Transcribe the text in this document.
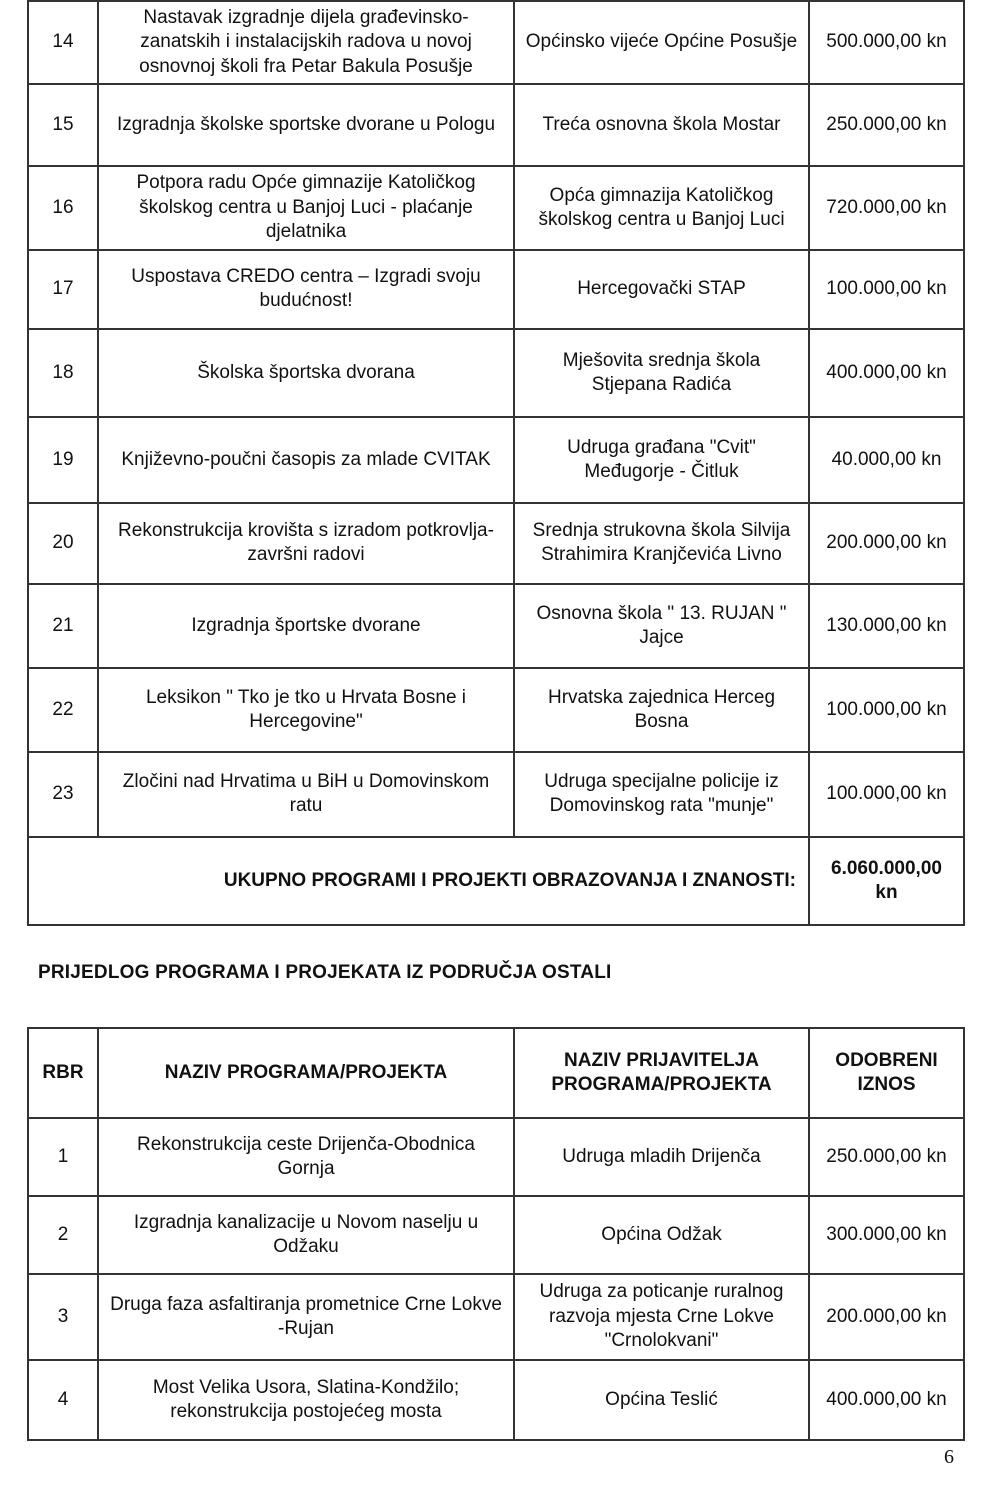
14	Nastavak izgradnje dijela građevinsko-zanatskih i instalacijskih radova u novoj osnovnoj školi fra Petar Bakula Posušje	Općinsko vijeće Općine Posušje	500.000,00 kn
15	Izgradnja školske sportske dvorane u Pologu	Treća osnovna škola Mostar	250.000,00 kn
16	Potpora radu Opće gimnazije Katoličkog školskog centra u Banjoj Luci - plaćanje djelatnika	Opća gimnazija Katoličkog školskog centra u Banjoj Luci	720.000,00 kn
17	Uspostava CREDO centra – Izgradi svoju budućnost!	Hercegovački STAP	100.000,00 kn
18	Školska športska dvorana	Mješovita srednja škola Stjepana Radića	400.000,00 kn
19	Književno-poučni časopis za mlade CVITAK	Udruga građana "Cvit" Međugorje - Čitluk	40.000,00 kn
20	Rekonstrukcija krovišta s izradom potkrovlja-završni radovi	Srednja strukovna škola Silvija Strahimira Kranjčevića Livno	200.000,00 kn
21	Izgradnja športske dvorane	Osnovna škola " 13. RUJAN " Jajce	130.000,00 kn
22	Leksikon " Tko je tko u Hrvata Bosne i Hercegovine"	Hrvatska zajednica Herceg Bosna	100.000,00 kn
23	Zločini nad Hrvatima u BiH u Domovinskom ratu	Udruga specijalne policije iz Domovinskog rata "munje"	100.000,00 kn
UKUPNO PROGRAMI I PROJEKTI OBRAZOVANJA I ZNANOSTI:			6.060.000,00 kn
PRIJEDLOG PROGRAMA I PROJEKATA IZ PODRUČJA OSTALI
RBR	NAZIV PROGRAMA/PROJEKTA	NAZIV PRIJAVITELJA PROGRAMA/PROJEKTA	ODOBRENI IZNOS
1	Rekonstrukcija ceste Drijenča-Obodnica Gornja	Udruga mladih Drijenča	250.000,00 kn
2	Izgradnja kanalizacije u Novom naselju u Odžaku	Općina Odžak	300.000,00 kn
3	Druga faza asfaltiranja prometnice Crne Lokve -Rujan	Udruga za poticanje ruralnog razvoja mjesta Crne Lokve "Crnolokvani"	200.000,00 kn
4	Most Velika Usora, Slatina-Kondžilo; rekonstrukcija postojećeg mosta	Općina Teslić	400.000,00 kn
6
